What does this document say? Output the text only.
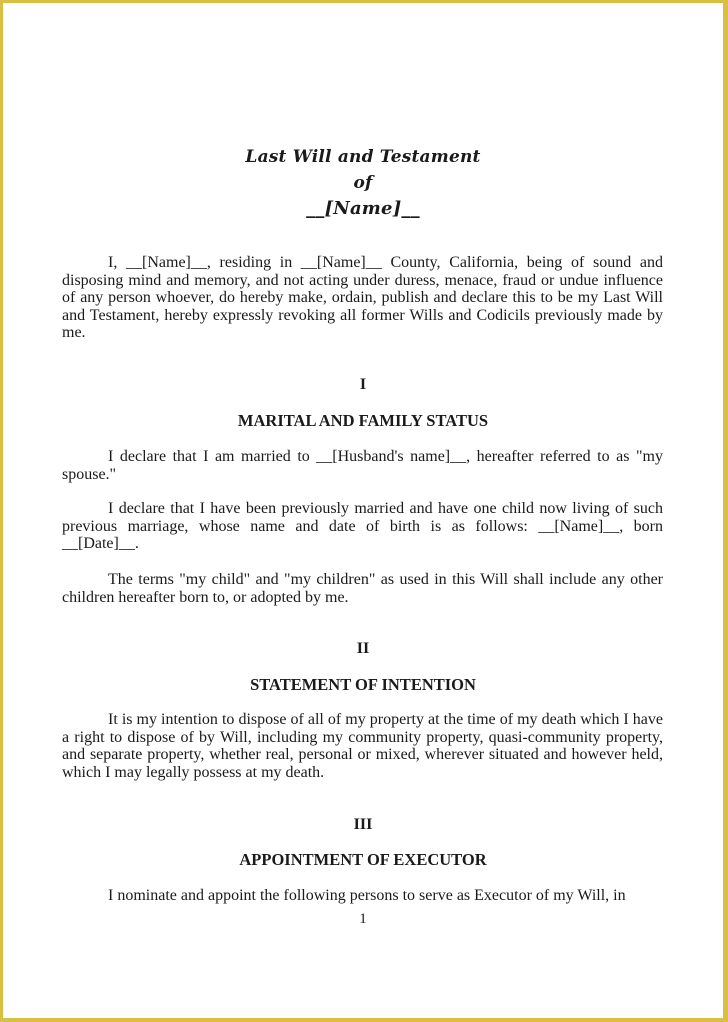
Last Will and Testament
of
__[Name]__
I, __[Name]__, residing in __[Name]__ County, California, being of sound and disposing mind and memory, and not acting under duress, menace, fraud or undue influence of any person whoever, do hereby make, ordain, publish and declare this to be my Last Will and Testament, hereby expressly revoking all former Wills and Codicils previously made by me.
I
MARITAL AND FAMILY STATUS
I declare that I am married to __[Husband's name]__, hereafter referred to as "my spouse."
I declare that I have been previously married and have one child now living of such previous marriage, whose name and date of birth is as follows: __[Name]__, born __[Date]__.
The terms "my child" and "my children" as used in this Will shall include any other children hereafter born to, or adopted by me.
II
STATEMENT OF INTENTION
It is my intention to dispose of all of my property at the time of my death which I have a right to dispose of by Will, including my community property, quasi-community property, and separate property, whether real, personal or mixed, wherever situated and however held, which I may legally possess at my death.
III
APPOINTMENT OF EXECUTOR
I nominate and appoint the following persons to serve as Executor of my Will, in
1
